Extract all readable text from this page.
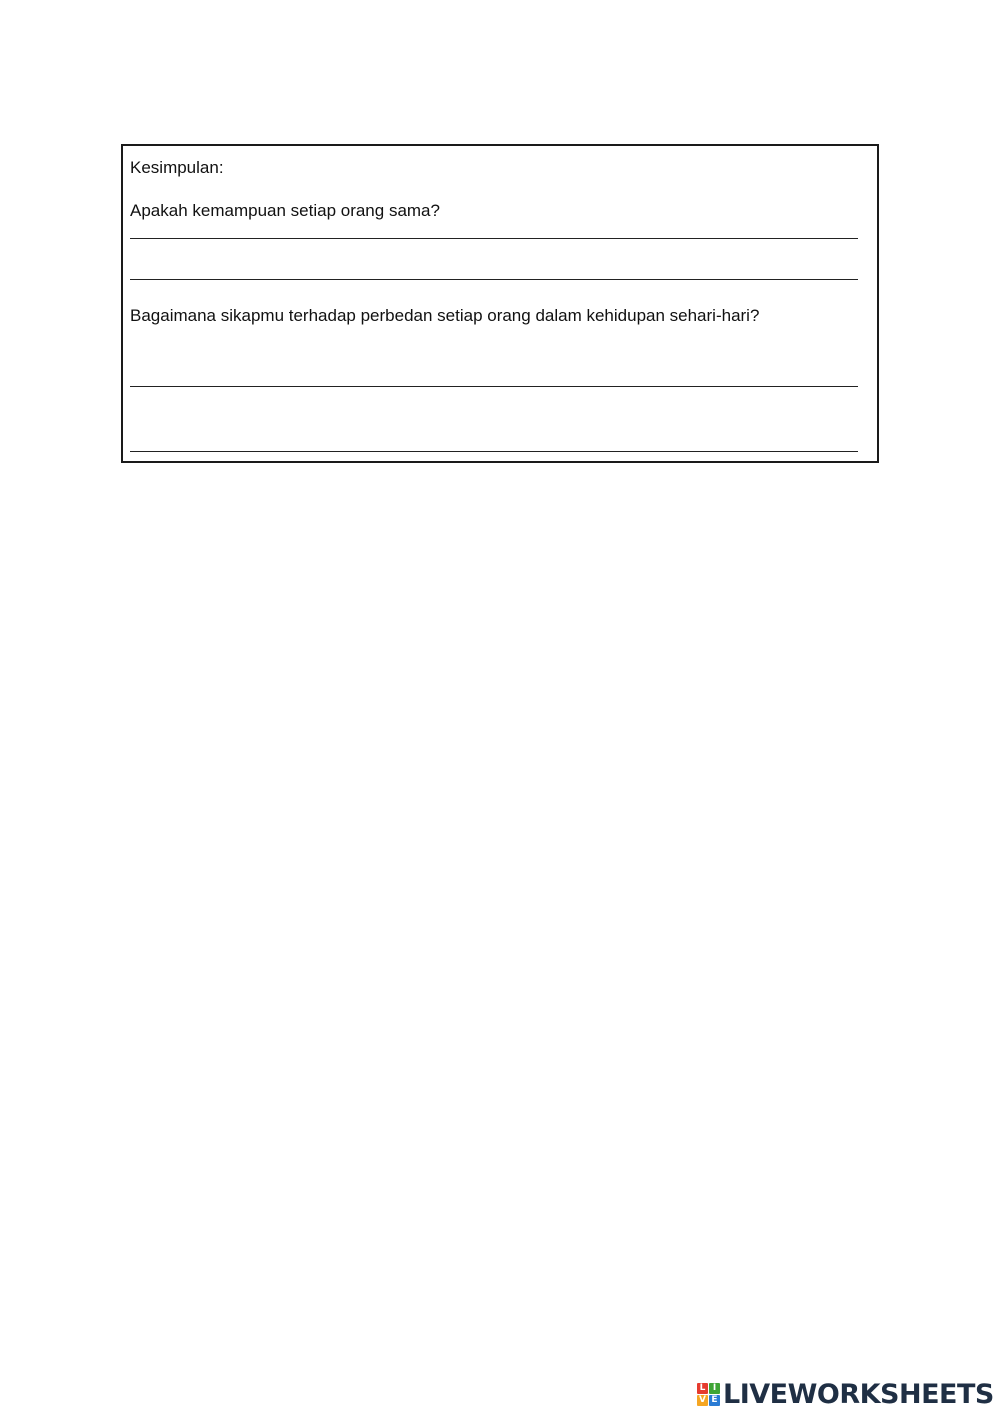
Kesimpulan:
Apakah kemampuan setiap orang sama?
Bagaimana sikapmu terhadap perbedan setiap orang dalam kehidupan sehari-hari?
L I
V E LIVEWORKSHEETS
